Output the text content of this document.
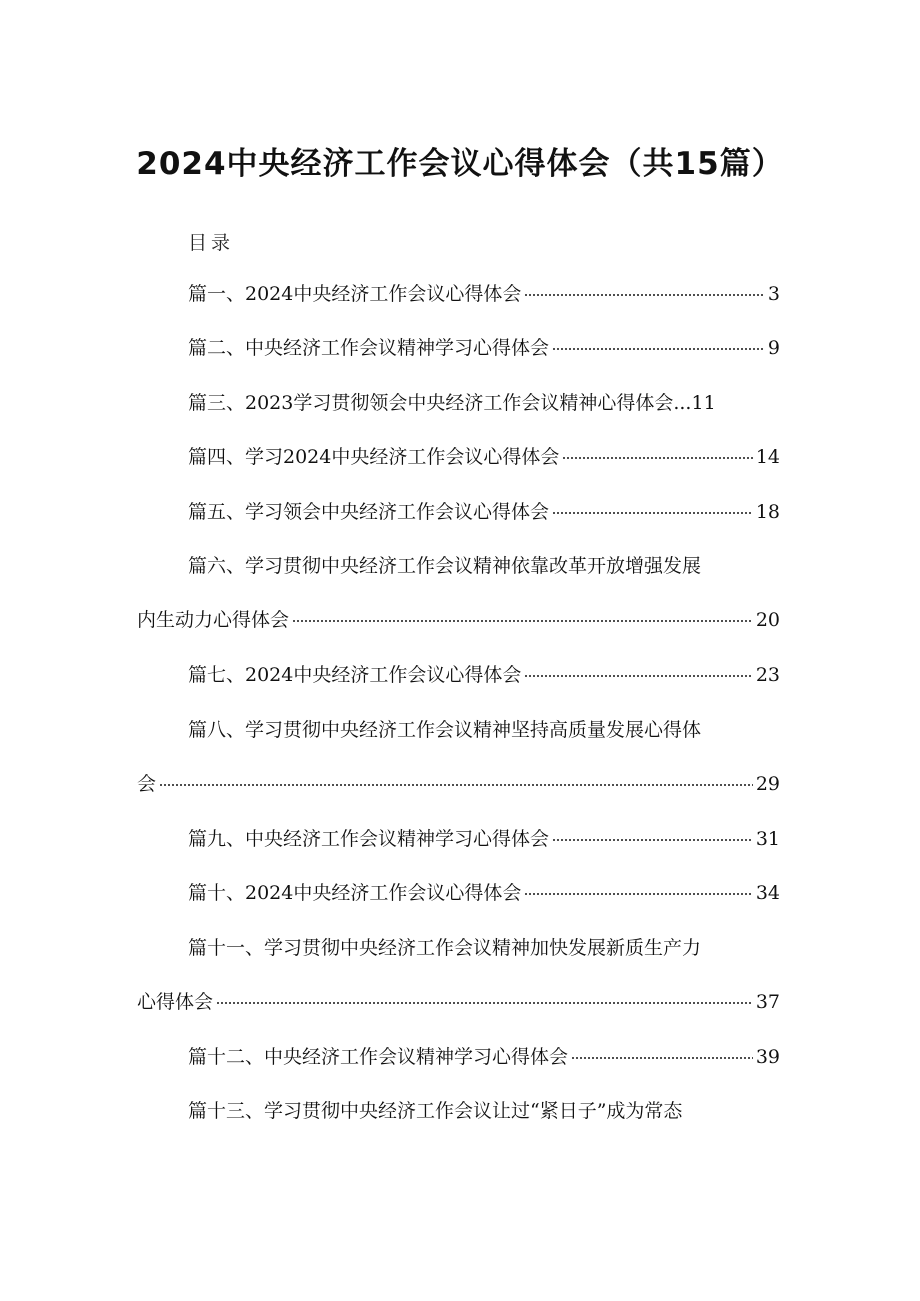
2024中央经济工作会议心得体会（共15篇）
目录
篇一、2024中央经济工作会议心得体会	3
篇二、中央经济工作会议精神学习心得体会	9
篇三、2023学习贯彻领会中央经济工作会议精神心得体会... 11
篇四、学习2024中央经济工作会议心得体会	14
篇五、学习领会中央经济工作会议心得体会	18
篇六、学习贯彻中央经济工作会议精神依靠改革开放增强发展
内生动力心得体会	20
篇七、2024中央经济工作会议心得体会	23
篇八、学习贯彻中央经济工作会议精神坚持高质量发展心得体
会	29
篇九、中央经济工作会议精神学习心得体会	31
篇十、2024中央经济工作会议心得体会	34
篇十一、学习贯彻中央经济工作会议精神加快发展新质生产力
心得体会	37
篇十二、中央经济工作会议精神学习心得体会	39
篇十三、学习贯彻中央经济工作会议让过“紧日子”成为常态
